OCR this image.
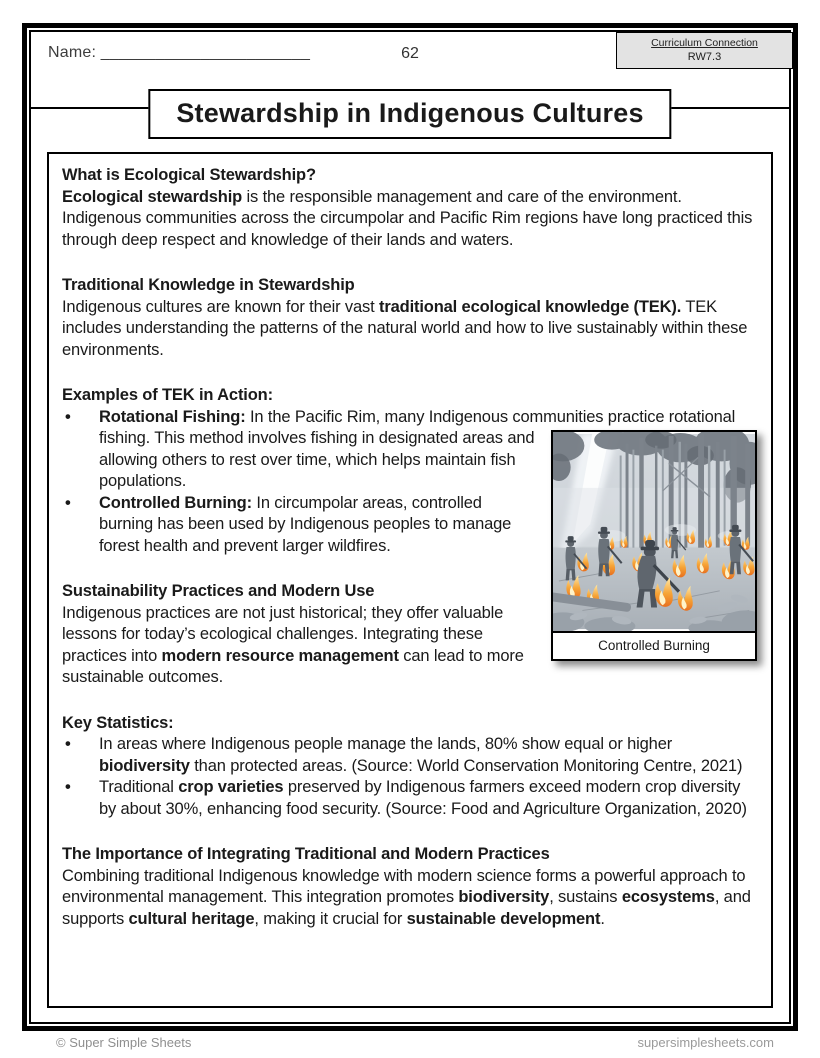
Name: _______________________	62
Curriculum Connection
RW7.3
Stewardship in Indigenous Cultures
What is Ecological Stewardship?

Ecological stewardship is the responsible management and care of the environment. Indigenous communities across the circumpolar and Pacific Rim regions have long practiced this through deep respect and knowledge of their lands and waters.

Traditional Knowledge in Stewardship

Indigenous cultures are known for their vast traditional ecological knowledge (TEK). TEK includes understanding the patterns of the natural world and how to live sustainably within these environments.

Examples of TEK in Action:
• Controlled Burning
Rotational Fishing: In the Pacific Rim, many Indigenous communities practice rotational fishing. This method involves fishing in designated areas and allowing others to rest over time, which helps maintain fish populations.
• Controlled Burning: In circumpolar areas, controlled burning has been used by Indigenous peoples to manage forest health and prevent larger wildfires.
Sustainability Practices and Modern Use

Indigenous practices are not just historical; they offer valuable lessons for today’s ecological challenges. Integrating these practices into modern resource management can lead to more sustainable outcomes.

Key Statistics:
• In areas where Indigenous people manage the lands, 80% show equal or higher biodiversity than protected areas. (Source: World Conservation Monitoring Centre, 2021)
• Traditional crop varieties preserved by Indigenous farmers exceed modern crop diversity by about 30%, enhancing food security. (Source: Food and Agriculture Organization, 2020)
The Importance of Integrating Traditional and Modern Practices

Combining traditional Indigenous knowledge with modern science forms a powerful approach to environmental management. This integration promotes biodiversity, sustains ecosystems, and supports cultural heritage, making it crucial for sustainable development.

© Super Simple Sheets	supersimplesheets.com
